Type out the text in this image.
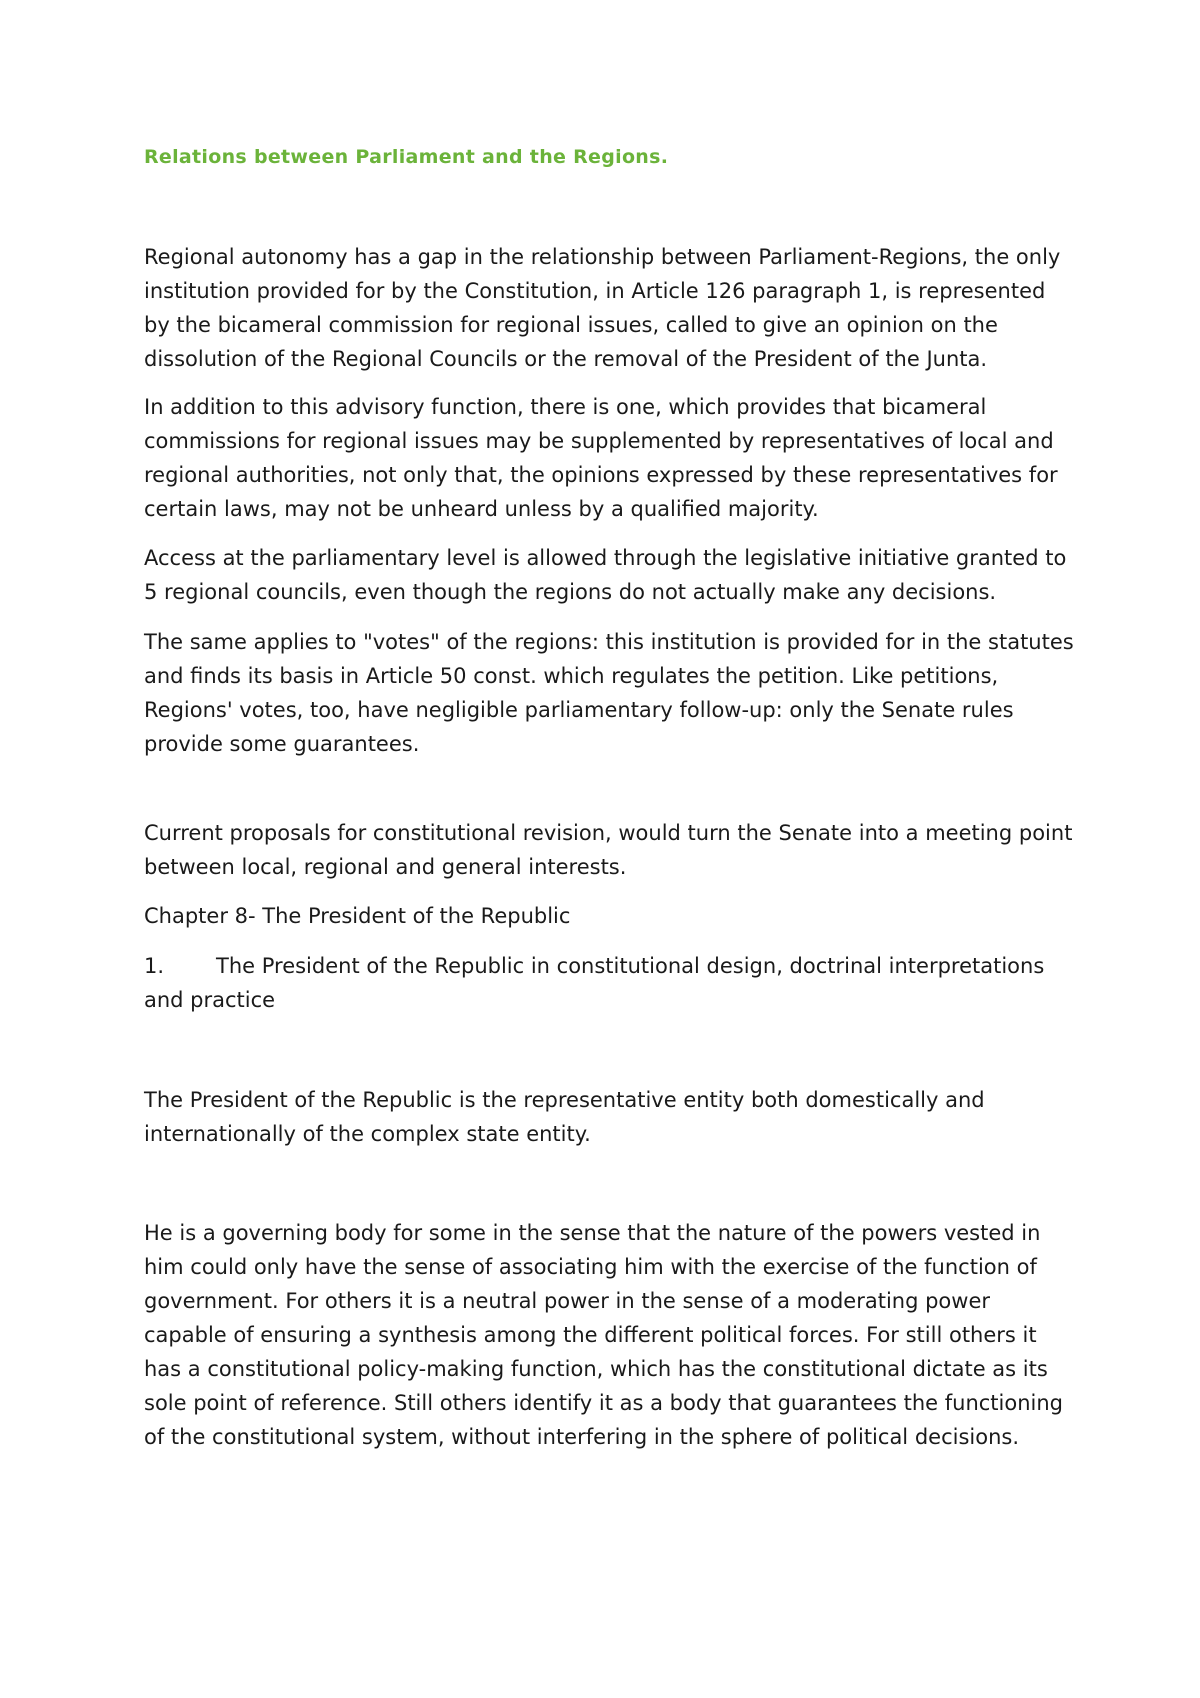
Relations between Parliament and the Regions.

Regional autonomy has a gap in the relationship between Parliament-Regions, the only institution provided for by the Constitution, in Article 126 paragraph 1, is represented by the bicameral commission for regional issues, called to give an opinion on the dissolution of the Regional Councils or the removal of the President of the Junta.

In addition to this advisory function, there is one, which provides that bicameral commissions for regional issues may be supplemented by representatives of local and regional authorities, not only that, the opinions expressed by these representatives for certain laws, may not be unheard unless by a qualified majority.

Access at the parliamentary level is allowed through the legislative initiative granted to 5 regional councils, even though the regions do not actually make any decisions.

The same applies to "votes" of the regions: this institution is provided for in the statutes and finds its basis in Article 50 const. which regulates the petition. Like petitions, Regions' votes, too, have negligible parliamentary follow-up: only the Senate rules provide some guarantees.

Current proposals for constitutional revision, would turn the Senate into a meeting point between local, regional and general interests.

Chapter 8- The President of the Republic

1. The President of the Republic in constitutional design, doctrinal interpretations and practice

The President of the Republic is the representative entity both domestically and internationally of the complex state entity.

He is a governing body for some in the sense that the nature of the powers vested in him could only have the sense of associating him with the exercise of the function of government. For others it is a neutral power in the sense of a moderating power capable of ensuring a synthesis among the different political forces. For still others it has a constitutional policy-making function, which has the constitutional dictate as its sole point of reference. Still others identify it as a body that guarantees the functioning of the constitutional system, without interfering in the sphere of political decisions.
